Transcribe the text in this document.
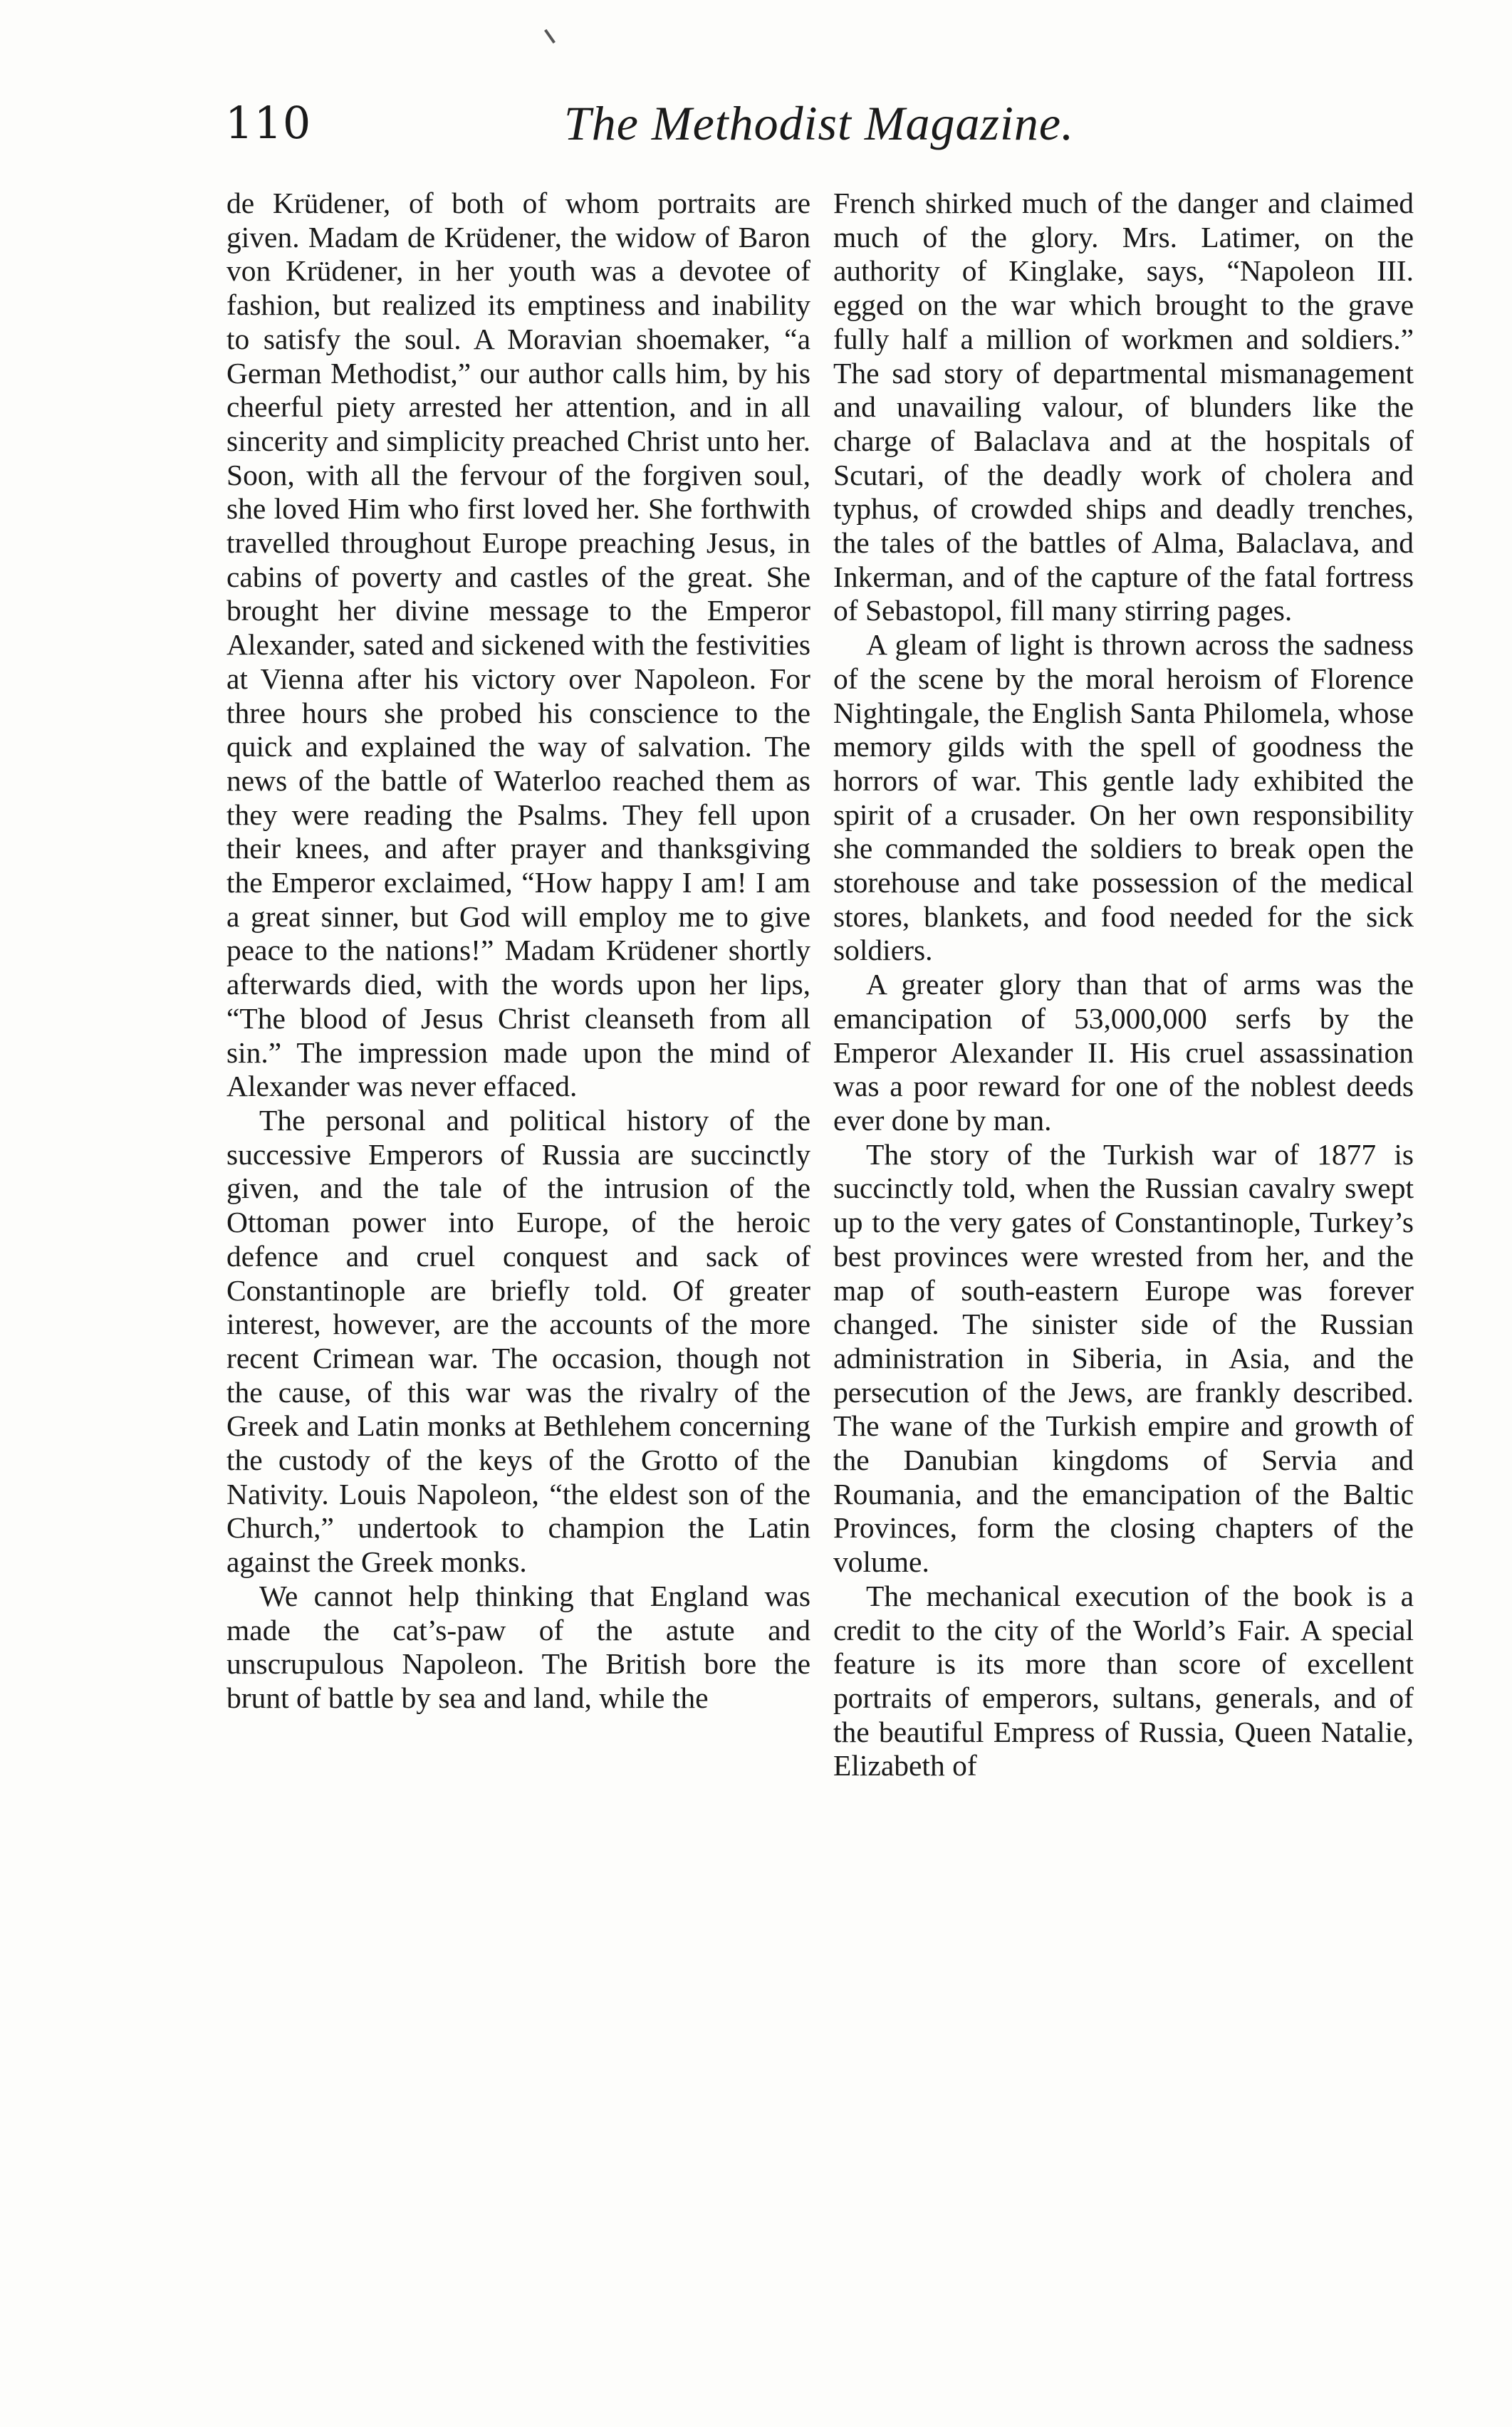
110	The Methodist Magazine.

de Krüdener, of both of whom portraits are given. Madam de Krüdener, the widow of Baron von Krüdener, in her youth was a devotee of fashion, but realized its emptiness and inability to satisfy the soul. A Moravian shoemaker, “a German Methodist,” our author calls him, by his cheerful piety arrested her attention, and in all sincerity and simplicity preached Christ unto her. Soon, with all the fervour of the forgiven soul, she loved Him who first loved her. She forthwith travelled throughout Europe preaching Jesus, in cabins of poverty and castles of the great. She brought her divine message to the Emperor Alexander, sated and sickened with the festivities at Vienna after his victory over Napoleon. For three hours she probed his conscience to the quick and explained the way of salvation. The news of the battle of Waterloo reached them as they were reading the Psalms. They fell upon their knees, and after prayer and thanksgiving the Emperor exclaimed, “How happy I am! I am a great sinner, but God will employ me to give peace to the nations!” Madam Krüdener shortly afterwards died, with the words upon her lips, “The blood of Jesus Christ cleanseth from all sin.” The impression made upon the mind of Alexander was never effaced.

The personal and political history of the successive Emperors of Russia are succinctly given, and the tale of the intrusion of the Ottoman power into Europe, of the heroic defence and cruel conquest and sack of Constantinople are briefly told. Of greater interest, however, are the accounts of the more recent Crimean war. The occasion, though not the cause, of this war was the rivalry of the Greek and Latin monks at Bethlehem concerning the custody of the keys of the Grotto of the Nativity. Louis Napoleon, “the eldest son of the Church,” undertook to champion the Latin against the Greek monks.

We cannot help thinking that England was made the cat’s-paw of the astute and unscrupulous Napoleon. The British bore the brunt of battle by sea and land, while the

French shirked much of the danger and claimed much of the glory. Mrs. Latimer, on the authority of Kinglake, says, “Napoleon III. egged on the war which brought to the grave fully half a million of workmen and soldiers.” The sad story of departmental mismanagement and unavailing valour, of blunders like the charge of Balaclava and at the hospitals of Scutari, of the deadly work of cholera and typhus, of crowded ships and deadly trenches, the tales of the battles of Alma, Balaclava, and Inkerman, and of the capture of the fatal fortress of Sebastopol, fill many stirring pages.

A gleam of light is thrown across the sadness of the scene by the moral heroism of Florence Nightingale, the English Santa Philomela, whose memory gilds with the spell of goodness the horrors of war. This gentle lady exhibited the spirit of a crusader. On her own responsibility she commanded the soldiers to break open the storehouse and take possession of the medical stores, blankets, and food needed for the sick soldiers.

A greater glory than that of arms was the emancipation of 53,000,000 serfs by the Emperor Alexander II. His cruel assassination was a poor reward for one of the noblest deeds ever done by man.

The story of the Turkish war of 1877 is succinctly told, when the Russian cavalry swept up to the very gates of Constantinople, Turkey’s best provinces were wrested from her, and the map of south-eastern Europe was forever changed. The sinister side of the Russian administration in Siberia, in Asia, and the persecution of the Jews, are frankly described. The wane of the Turkish empire and growth of the Danubian kingdoms of Servia and Roumania, and the emancipation of the Baltic Provinces, form the closing chapters of the volume.

The mechanical execution of the book is a credit to the city of the World’s Fair. A special feature is its more than score of excellent portraits of emperors, sultans, generals, and of the beautiful Empress of Russia, Queen Natalie, Elizabeth of
